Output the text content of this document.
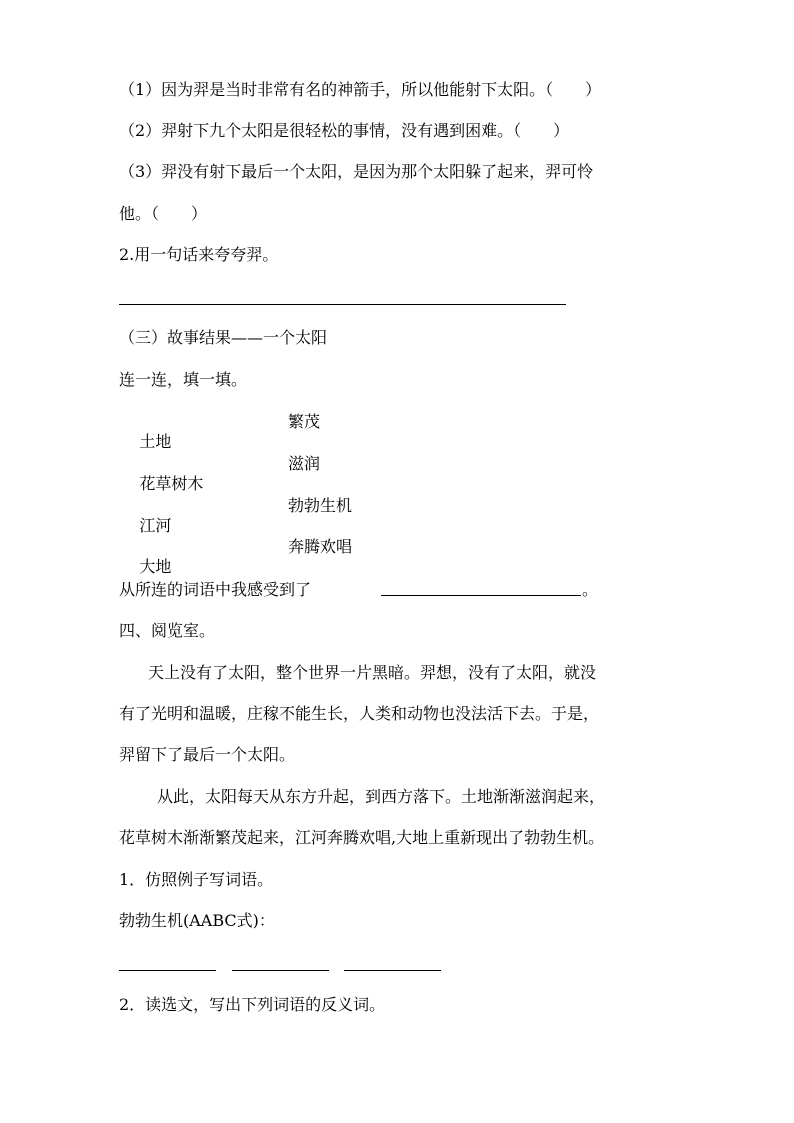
（1）因为羿是当时非常有名的神箭手，所以他能射下太阳。（　　）
（2）羿射下九个太阳是很轻松的事情，没有遇到困难。（　　）
（3）羿没有射下最后一个太阳，是因为那个太阳躲了起来，羿可怜
他。（　　）
2.用一句话来夸夸羿。
（三）故事结果——一个太阳
连一连，填一填。

土地

繁茂

花草树木

滋润

江河

勃勃生机

大地

奔腾欢唱
从所连的词语中我感受到了	。
四、阅览室。
天上没有了太阳，整个世界一片黑暗。羿想，没有了太阳，就没
有了光明和温暖，庄稼不能生长，人类和动物也没法活下去。于是，
羿留下了最后一个太阳。
从此，太阳每天从东方升起，到西方落下。土地渐渐滋润起来，
花草树木渐渐繁茂起来，江河奔腾欢唱,大地上重新现出了勃勃生机。
1．仿照例子写词语。
勃勃生机(AABC式)：
2．读选文，写出下列词语的反义词。
